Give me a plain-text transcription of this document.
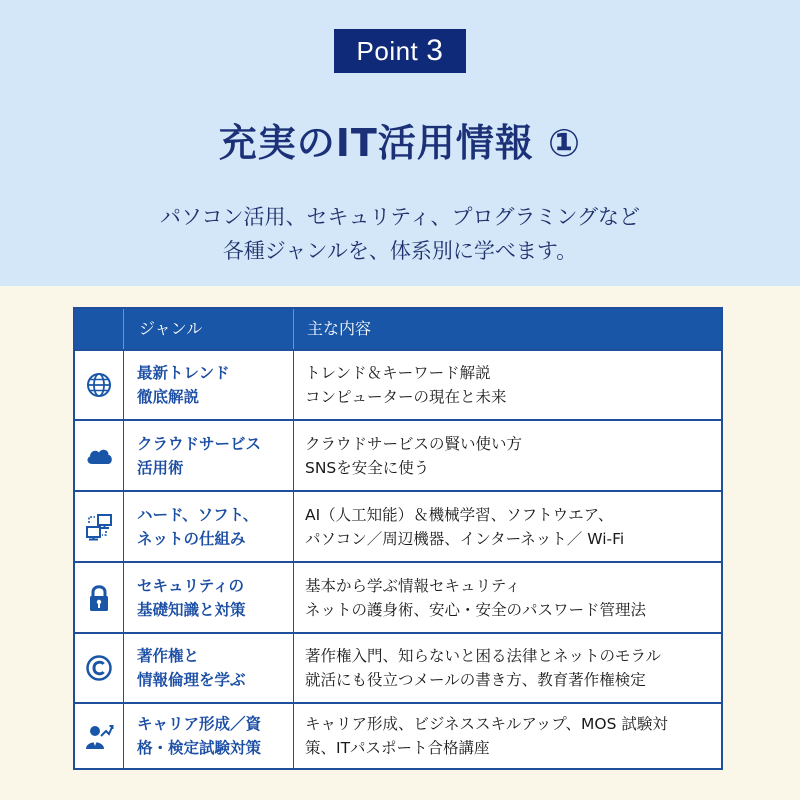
Point 3
充実のIT活用情報 ①
パソコン活用、セキュリティ、プログラミングなど
各種ジャンルを、体系別に学べます。
ジャンル	主な内容
最新トレンド
徹底解説
トレンド＆キーワード解説
コンピューターの現在と未来
クラウドサービス
活用術
クラウドサービスの賢い使い方
SNSを安全に使う
ハード、ソフト、
ネットの仕組み
AI（人工知能）＆機械学習、ソフトウエア、
パソコン／周辺機器、インターネット／ Wi-Fi
セキュリティの
基礎知識と対策
基本から学ぶ情報セキュリティ
ネットの護身術、安心・安全のパスワード管理法
著作権と
情報倫理を学ぶ
著作権入門、知らないと困る法律とネットのモラル
就活にも役立つメールの書き方、教育著作権検定
キャリア形成／資
格・検定試験対策
キャリア形成、ビジネススキルアップ、MOS 試験対
策、ITパスポート合格講座
